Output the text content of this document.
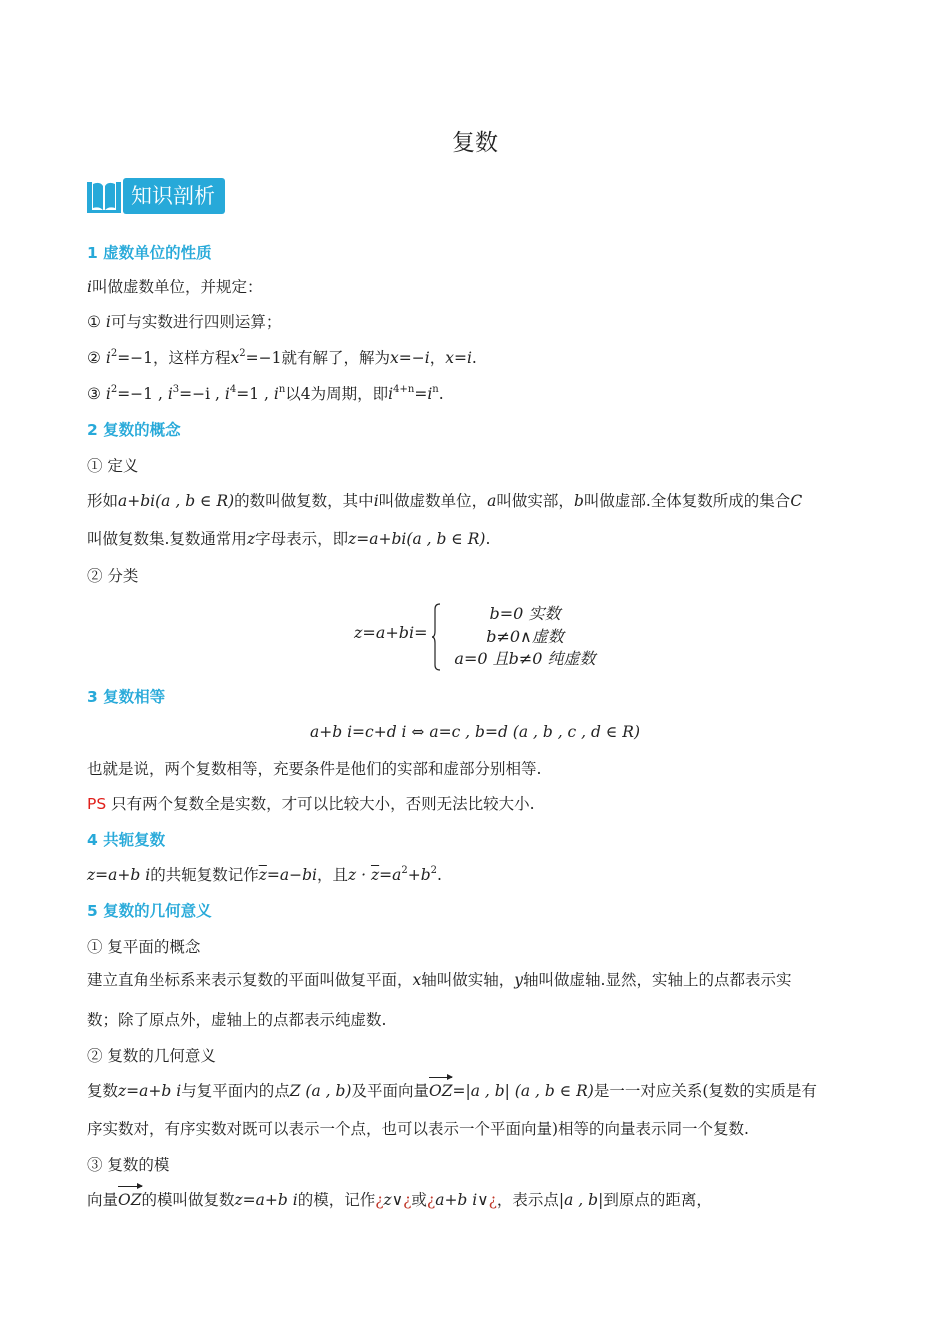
复数
知识剖析
1 虚数单位的性质
i叫做虚数单位，并规定：
① i可与实数进行四则运算；
② $i^2=-1$，这样方程$x^2=-1$就有解了，解为x=−i，x=i.
③ $i^2=-1$ , $i^3=-i$ , $i^4=1$ , $i^n$以4为周期，即$i^{4+n}=i^n$.
2 复数的概念
① 定义
形如a+bi(a , b ∈ R)的数叫做复数，其中i叫做虚数单位，a叫做实部，b叫做虚部.全体复数所成的集合C
叫做复数集.复数通常用z字母表示，即z=a+bi(a , b ∈ R).
② 分类
z=a+bi=
b=0 实数
b≠0∧虚数
a=0 且b≠0 纯虚数
3 复数相等
a+b i=c+d i ⇔ a=c , b=d (a , b , c , d ∈ R)
也就是说，两个复数相等，充要条件是他们的实部和虚部分别相等.
PS 只有两个复数全是实数，才可以比较大小，否则无法比较大小.
4 共轭复数
z=a+b i的共轭复数记作$\overline{z}=a-bi$，且$z \cdot \overline{z}=a^2+b^2$.
5 复数的几何意义
① 复平面的概念
建立直角坐标系来表示复数的平面叫做复平面，x轴叫做实轴，y轴叫做虚轴.显然，实轴上的点都表示实
数；除了原点外，虚轴上的点都表示纯虚数.
② 复数的几何意义
复数z=a+b i与复平面内的点Z (a , b)及平面向量OZ=|a , b| (a , b ∈ R)是一一对应关系(复数的实质是有
序实数对，有序实数对既可以表示一个点，也可以表示一个平面向量)相等的向量表示同一个复数.
③ 复数的模
向量OZ的模叫做复数z=a+b i的模，记作¿z∨¿或¿a+b i∨¿，表示点|a , b|到原点的距离，
